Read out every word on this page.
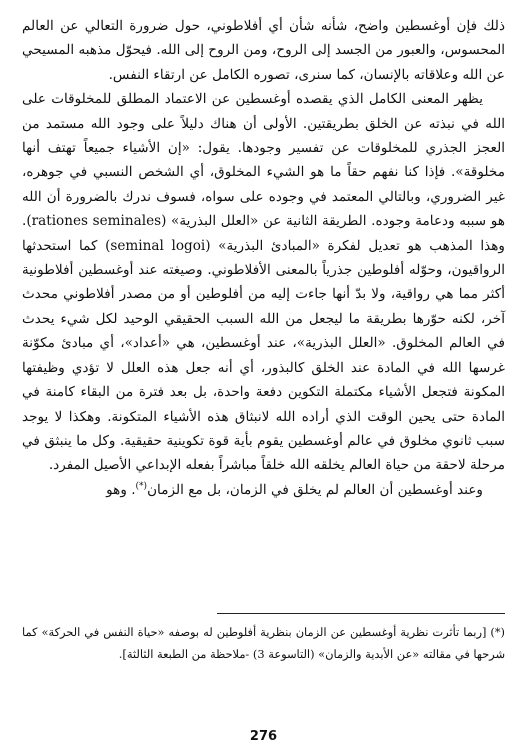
ذلك فإن أوغسطين واضح، شأنه شأن أي أفلاطوني، حول ضرورة التعالي عن العالم المحسوس، والعبور من الجسد إلى الروح، ومن الروح إلى الله. فيحوّل مذهبه المسيحي عن الله وعلاقاته بالإنسان، كما سنرى، تصوره الكامل عن ارتقاء النفس.

يظهر المعنى الكامل الذي يقصده أوغسطين عن الاعتماد المطلق للمخلوقات على الله في نبذته عن الخلق بطريقتين. الأولى أن هناك دليلاً على وجود الله مستمد من العجز الجذري للمخلوقات عن تفسير وجودها. يقول: «إن الأشياء جميعاً تهتف أنها مخلوقة». فإذا كنا نفهم حقاً ما هو الشيء المخلوق، أي الشخص النسبي في جوهره، غير الضروري، وبالتالي المعتمد في وجوده على سواه، فسوف ندرك بالضرورة أن الله هو سببه ودعامة وجوده. الطريقة الثانية عن «العلل البذرية» (rationes seminales). وهذا المذهب هو تعديل لفكرة «المبادئ البذرية» (seminal logoi) كما استحدثها الرواقيون، وحوّله أفلوطين جذرياً بالمعنى الأفلاطوني. وصيغته عند أوغسطين أفلاطونية أكثر مما هي رواقية، ولا بدّ أنها جاءت إليه من أفلوطين أو من مصدر أفلاطوني محدث آخر، لكنه حوّرها بطريقة ما ليجعل من الله السبب الحقيقي الوحيد لكل شيء يحدث في العالم المخلوق. «العلل البذرية»، عند أوغسطين، هي «أعداد»، أي مبادئ مكوّنة غرسها الله في المادة عند الخلق كالبذور، أي أنه جعل هذه العلل لا تؤدي وظيفتها المكونة فتجعل الأشياء مكتملة التكوين دفعة واحدة، بل بعد فترة من البقاء كامنة في المادة حتى يحين الوقت الذي أراده الله لانبثاق هذه الأشياء المتكونة. وهكذا لا يوجد سبب ثانوي مخلوق في عالم أوغسطين يقوم بأية قوة تكوينية حقيقية. وكل ما ينبثق في مرحلة لاحقة من حياة العالم يخلقه الله خلقاً مباشراً بفعله الإبداعي الأصيل المفرد.

وعند أوغسطين أن العالم لم يخلق في الزمان، بل مع الزمان(*). وهو

(*) [ربما تأثرت نظرية أوغسطين عن الزمان بنظرية أفلوطين له بوصفه «حياة النفس في الحركة» كما شرحها في مقالته «عن الأبدية والزمان» (التاسوعة 3) -ملاحظة من الطبعة الثالثة].

276
